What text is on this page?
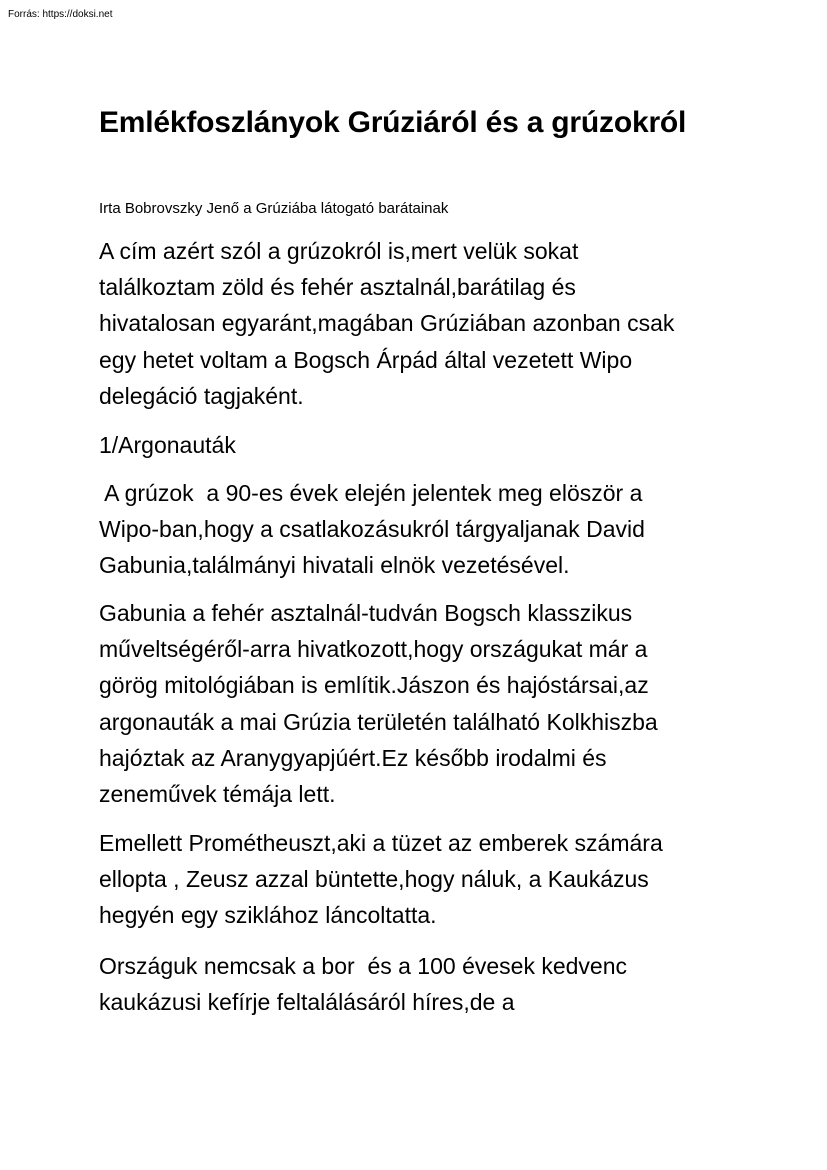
Forrás: https://doksi.net
Emlékfoszlányok Grúziáról és a grúzokról

Irta Bobrovszky Jenő a Grúziába látogató barátainak

A cím azért szól a grúzokról is,mert velük sokat
találkoztam zöld és fehér asztalnál,barátilag és
hivatalosan egyaránt,magában Grúziában azonban csak
egy hetet voltam a Bogsch Árpád által vezetett Wipo
delegáció tagjaként.

1/Argonauták

A grúzok  a 90-es évek elején jelentek meg elöször a
Wipo-ban,hogy a csatlakozásukról tárgyaljanak David
Gabunia,találmányi hivatali elnök vezetésével.

Gabunia a fehér asztalnál-tudván Bogsch klasszikus
műveltségéről-arra hivatkozott,hogy országukat már a
görög mitológiában is említik.Jászon és hajóstársai,az
argonauták a mai Grúzia területén található Kolkhiszba
hajóztak az Aranygyapjúért.Ez később irodalmi és
zeneművek témája lett.

Emellett Prométheuszt,aki a tüzet az emberek számára
ellopta , Zeusz azzal büntette,hogy náluk, a Kaukázus
hegyén egy sziklához láncoltatta.

Országuk nemcsak a bor  és a 100 évesek kedvenc
kaukázusi kefírje feltalálásáról híres,de a
